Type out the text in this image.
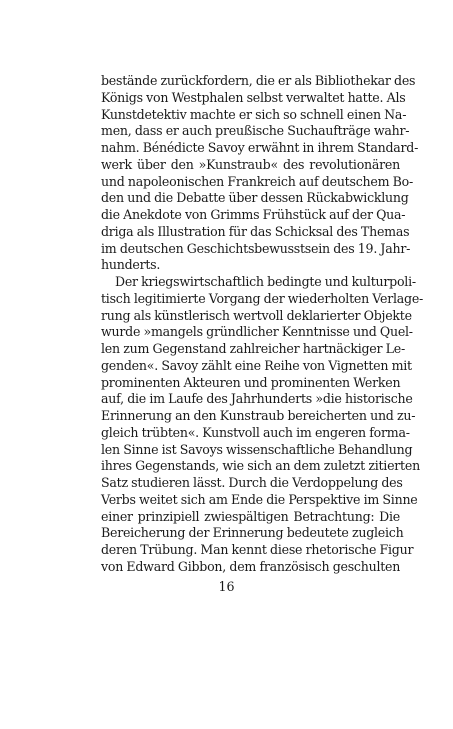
bestände zurückfordern, die er als Bibliothekar des
Königs von Westphalen selbst verwaltet hatte. Als
Kunstdetektiv machte er sich so schnell einen Na-
men, dass er auch preußische Suchaufträge wahr-
nahm. Bénédicte Savoy erwähnt in ihrem Standard-
werk über den »Kunstraub« des revolutionären
und napoleonischen Frankreich auf deutschem Bo-
den und die Debatte über dessen Rückabwicklung
die Anekdote von Grimms Frühstück auf der Qua-
driga als Illustration für das Schicksal des Themas
im deutschen Geschichtsbewusstsein des 19. Jahr-
hunderts.
Der kriegswirtschaftlich bedingte und kulturpoli-
tisch legitimierte Vorgang der wiederholten Verlage-
rung als künstlerisch wertvoll deklarierter Objekte
wurde »mangels gründlicher Kenntnisse und Quel-
len zum Gegenstand zahlreicher hartnäckiger Le-
genden«. Savoy zählt eine Reihe von Vignetten mit
prominenten Akteuren und prominenten Werken
auf, die im Laufe des Jahrhunderts »die historische
Erinnerung an den Kunstraub bereicherten und zu-
gleich trübten«. Kunstvoll auch im engeren forma-
len Sinne ist Savoys wissenschaftliche Behandlung
ihres Gegenstands, wie sich an dem zuletzt zitierten
Satz studieren lässt. Durch die Verdoppelung des
Verbs weitet sich am Ende die Perspektive im Sinne
einer prinzipiell zwiespältigen Betrachtung: Die
Bereicherung der Erinnerung bedeutete zugleich
deren Trübung. Man kennt diese rhetorische Figur
von Edward Gibbon, dem französisch geschulten
16
